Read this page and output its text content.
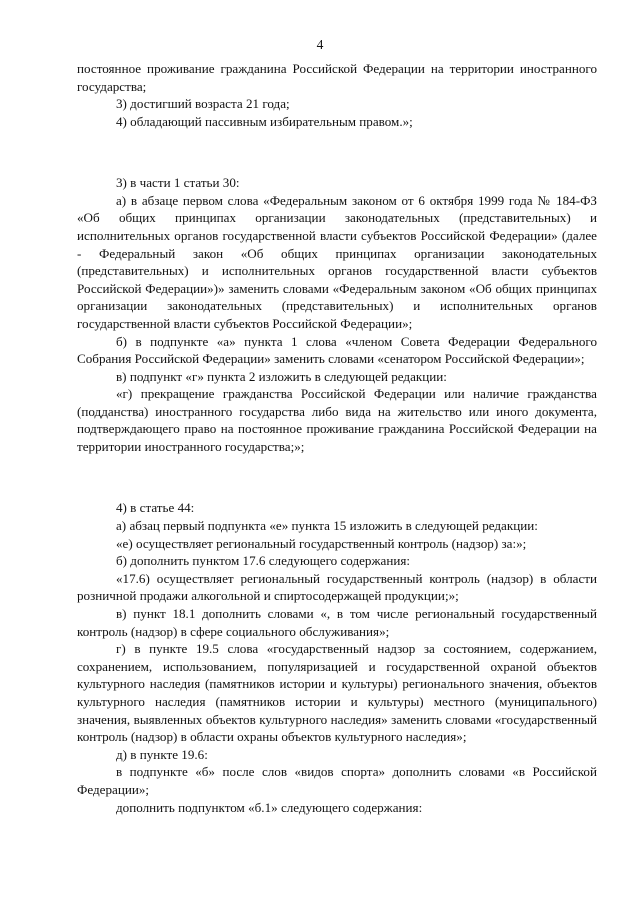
4

постоянное проживание гражданина Российской Федерации на территории иностранного государства;

3) достигший возраста 21 года;

4) обладающий пассивным избирательным правом.»;

3) в части 1 статьи 30:

а) в абзаце первом слова «Федеральным законом от 6 октября 1999 года № 184-ФЗ «Об общих принципах организации законодательных (представительных) и исполнительных органов государственной власти субъектов Российской Федерации» (далее - Федеральный закон «Об общих принципах организации законодательных (представительных) и исполнительных органов государственной власти субъектов Российской Федерации»)» заменить словами «Федеральным законом «Об общих принципах организации законодательных (представительных) и исполнительных органов государственной власти субъектов Российской Федерации»;

б) в подпункте «а» пункта 1 слова «членом Совета Федерации Федерального Собрания Российской Федерации» заменить словами «сенатором Российской Федерации»;

в) подпункт «г» пункта 2 изложить в следующей редакции:

«г) прекращение гражданства Российской Федерации или наличие гражданства (подданства) иностранного государства либо вида на жительство или иного документа, подтверждающего право на постоянное проживание гражданина Российской Федерации на территории иностранного государства;»;

4) в статье 44:

а) абзац первый подпункта «е» пункта 15 изложить в следующей редакции:

«е) осуществляет региональный государственный контроль (надзор) за:»;

б) дополнить пунктом 17.6 следующего содержания:

«17.6) осуществляет региональный государственный контроль (надзор) в области розничной продажи алкогольной и спиртосодержащей продукции;»;

в) пункт 18.1 дополнить словами «, в том числе региональный государственный контроль (надзор) в сфере социального обслуживания»;

г) в пункте 19.5 слова «государственный надзор за состоянием, содержанием, сохранением, использованием, популяризацией и государственной охраной объектов культурного наследия (памятников истории и культуры) регионального значения, объектов культурного наследия (памятников истории и культуры) местного (муниципального) значения, выявленных объектов культурного наследия» заменить словами «государственный контроль (надзор) в области охраны объектов культурного наследия»;

д) в пункте 19.6:

в подпункте «б» после слов «видов спорта» дополнить словами «в Российской Федерации»;

дополнить подпунктом «б.1» следующего содержания:
